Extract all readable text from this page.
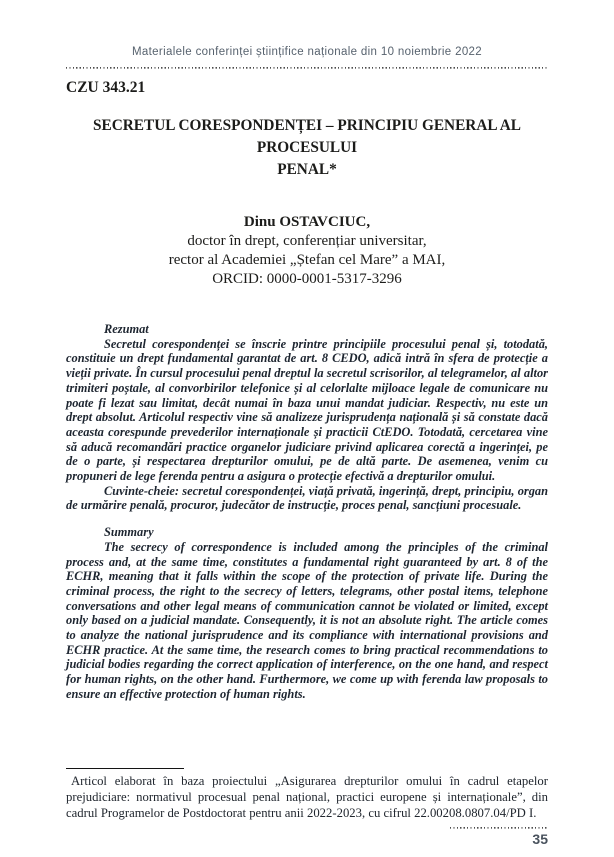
Materialele conferinței științifice naționale din 10 noiembrie 2022
CZU 343.21
SECRETUL CORESPONDENȚEI – PRINCIPIU GENERAL AL PROCESULUI
PENAL*
Dinu OSTAVCIUC,
doctor în drept, conferențiar universitar,
rector al Academiei „Ștefan cel Mare” a MAI,
ORCID: 0000-0001-5317-3296
Rezumat

Secretul corespondenței se înscrie printre principiile procesului penal și, totodată, constituie un drept fundamental garantat de art. 8 CEDO, adică intră în sfera de protecție a vieții private. În cursul procesului penal dreptul la secretul scrisorilor, al telegramelor, al altor trimiteri poștale, al convorbirilor telefonice și al celorlalte mijloace legale de comunicare nu poate fi lezat sau limitat, decât numai în baza unui mandat judiciar. Respectiv, nu este un drept absolut. Articolul respectiv vine să analizeze jurisprudența națională și să constate dacă aceasta corespunde prevederilor internaționale și practicii CtEDO. Totodată, cercetarea vine să aducă recomandări practice organelor judiciare privind aplicarea corectă a ingerinței, pe de o parte, și respectarea drepturilor omului, pe de altă parte. De asemenea, venim cu propuneri de lege ferenda pentru a asigura o protecție efectivă a drepturilor omului.

Cuvinte-cheie: secretul corespondenței, viață privată, ingerință, drept, principiu, organ de urmărire penală, procuror, judecător de instrucție, proces penal, sancțiuni procesuale.

Summary

The secrecy of correspondence is included among the principles of the criminal process and, at the same time, constitutes a fundamental right guaranteed by art. 8 of the ECHR, meaning that it falls within the scope of the protection of private life. During the criminal process, the right to the secrecy of letters, telegrams, other postal items, telephone conversations and other legal means of communication cannot be violated or limited, except only based on a judicial mandate. Consequently, it is not an absolute right. The article comes to analyze the national jurisprudence and its compliance with international provisions and ECHR practice. At the same time, the research comes to bring practical recommendations to judicial bodies regarding the correct application of interference, on the one hand, and respect for human rights, on the other hand. Furthermore, we come up with ferenda law proposals to ensure an effective protection of human rights.

Articol elaborat în baza proiectului „Asigurarea drepturilor omului în cadrul etapelor prejudiciare: normativul procesual penal național, practici europene și internaționale”, din cadrul Programelor de Postdoctorat pentru anii 2022-2023, cu cifrul 22.00208.0807.04/PD I.
35
